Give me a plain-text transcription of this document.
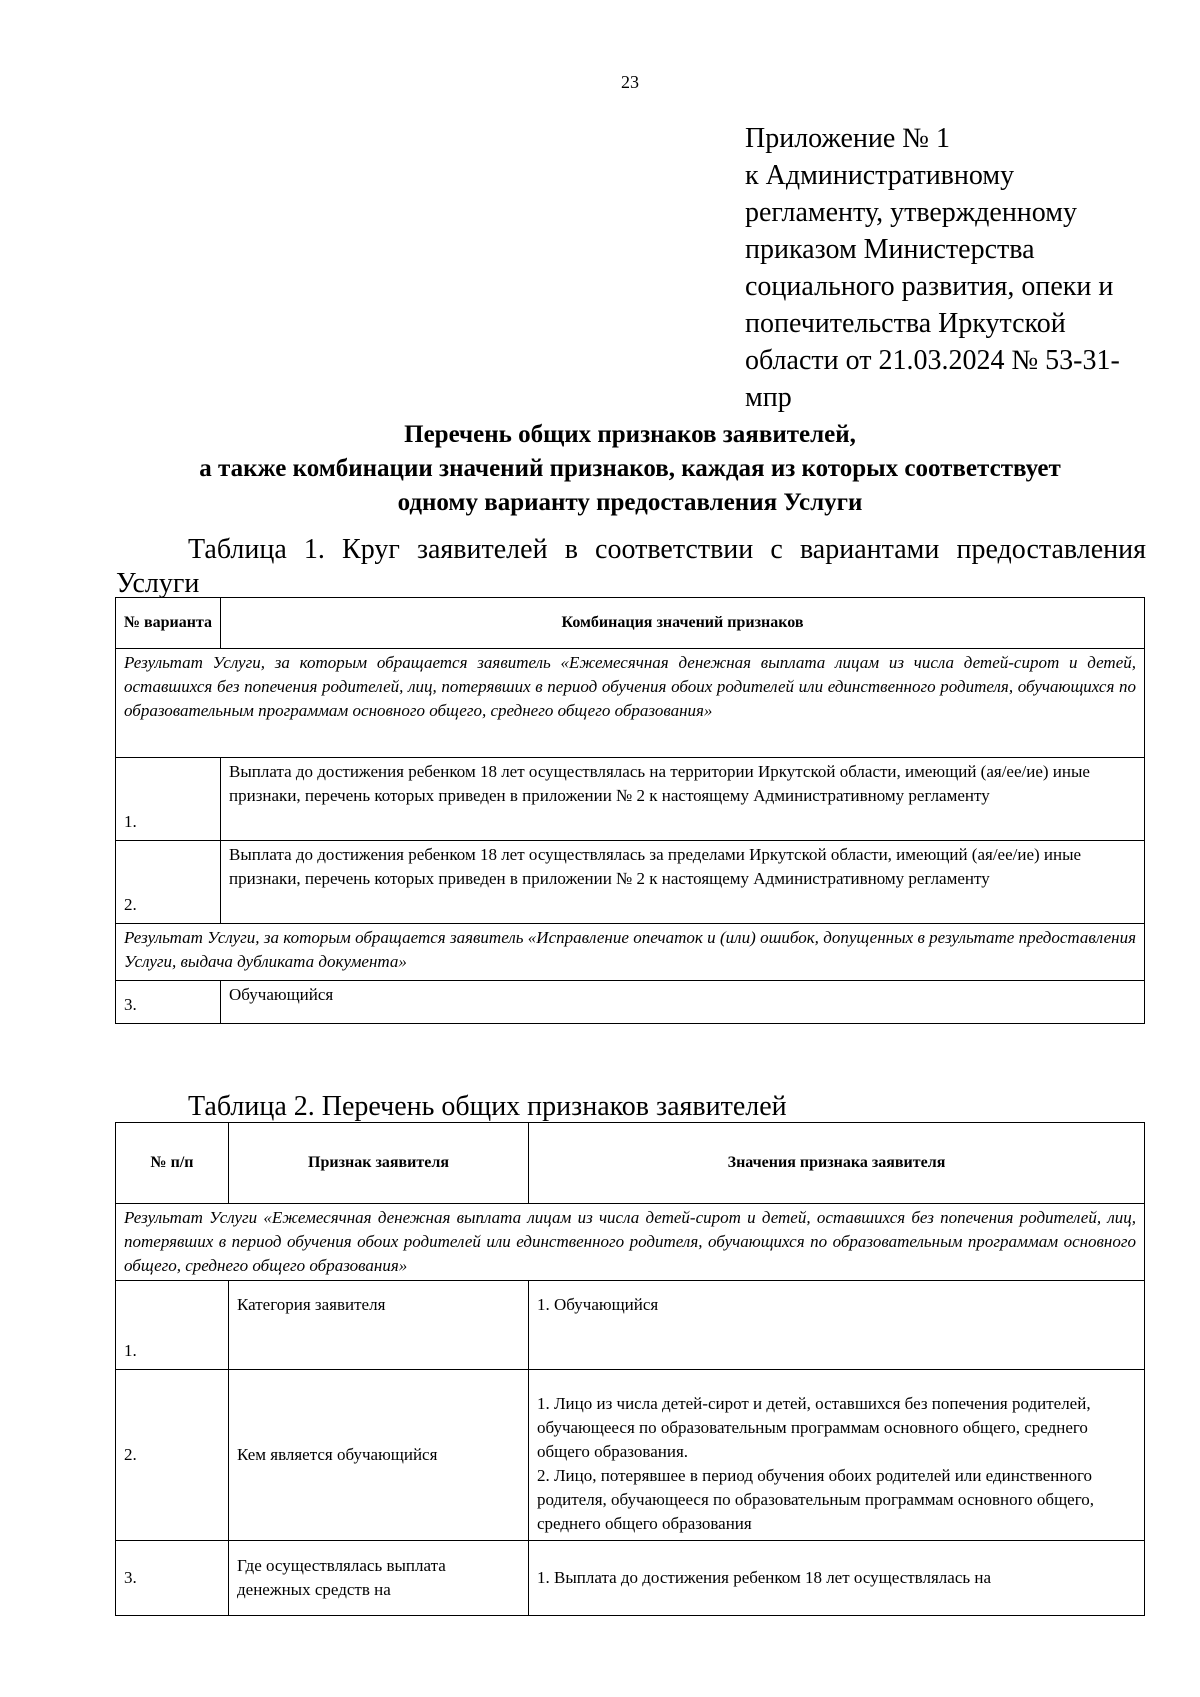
23
Приложение № 1
к Административному
регламенту, утвержденному
приказом Министерства
социального развития, опеки и
попечительства Иркутской
области от 21.03.2024 № 53-31-
мпр
Перечень общих признаков заявителей,
а также комбинации значений признаков, каждая из которых соответствует
одному варианту предоставления Услуги
Таблица 1. Круг заявителей в соответствии с вариантами предоставления
Услуги
№ варианта	Комбинация значений признаков
Результат Услуги, за которым обращается заявитель «Ежемесячная денежная выплата лицам из числа детей-сирот и детей, оставшихся без попечения родителей, лиц, потерявших в период обучения обоих родителей или единственного родителя, обучающихся по образовательным программам основного общего, среднего общего образования»	
1.	Выплата до достижения ребенком 18 лет осуществлялась на территории Иркутской области, имеющий (ая/ее/ие) иные признаки, перечень которых приведен в приложении № 2 к настоящему Административному регламенту
2.	Выплата до достижения ребенком 18 лет осуществлялась за пределами Иркутской области, имеющий (ая/ее/ие) иные признаки, перечень которых приведен в приложении № 2 к настоящему Административному регламенту
Результат Услуги, за которым обращается заявитель «Исправление опечаток и (или) ошибок, допущенных в результате предоставления Услуги, выдача дубликата документа»	
3.	Обучающийся
Таблица 2. Перечень общих признаков заявителей
№ п/п	Признак заявителя	Значения признака заявителя
Результат Услуги «Ежемесячная денежная выплата лицам из числа детей-сирот и детей, оставшихся без попечения родителей, лиц, потерявших в период обучения обоих родителей или единственного родителя, обучающихся по образовательным программам основного общего, среднего общего образования»		
1.	Категория заявителя	1. Обучающийся

2.	Кем является обучающийся	1. Лицо из числа детей-сирот и детей, оставшихся без попечения родителей, обучающееся по образовательным программам основного общего, среднего общего образования.
2. Лицо, потерявшее в период обучения обоих родителей или единственного родителя, обучающееся по образовательным программам основного общего, среднего общего образования

3.	Где осуществлялась выплата денежных средств на	1. Выплата до достижения ребенком 18 лет осуществлялась на
